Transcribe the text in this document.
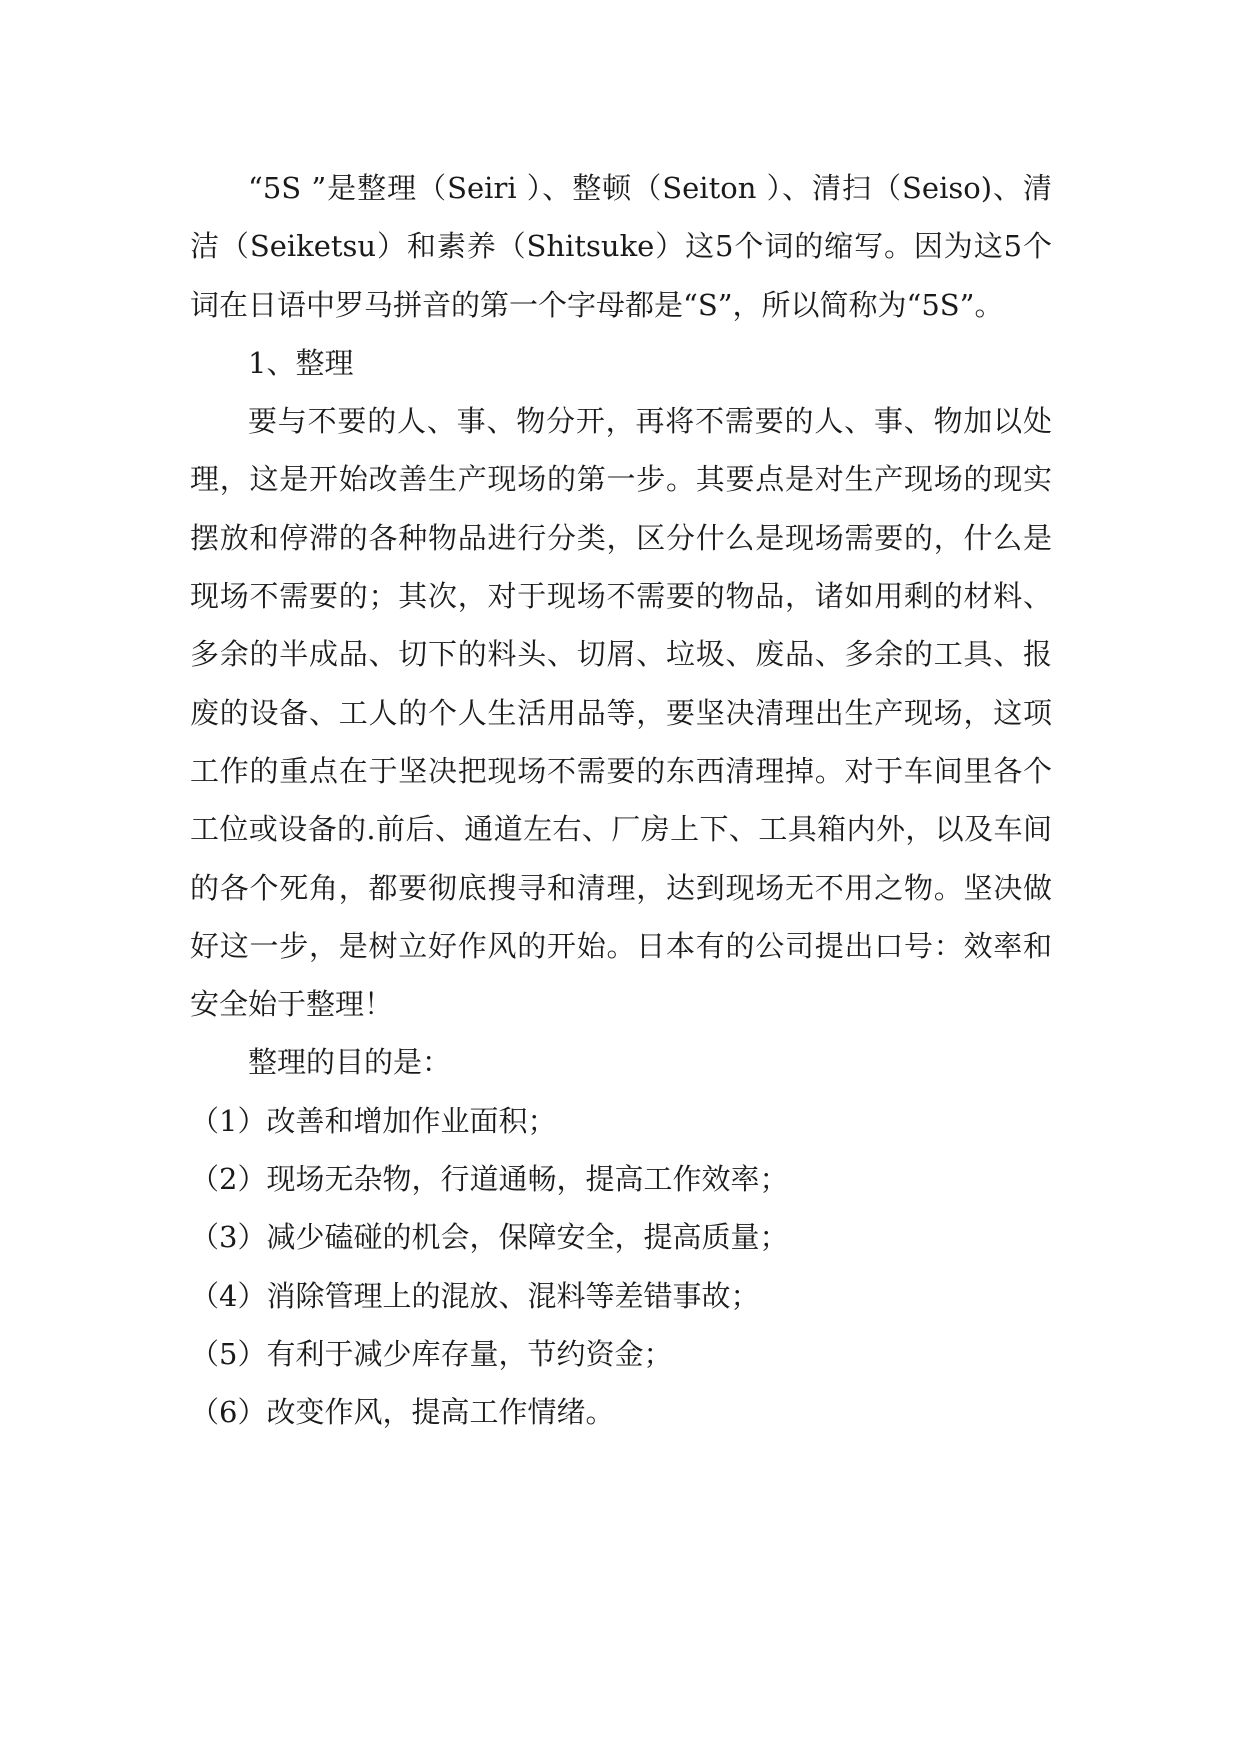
“5S ”是整理（Seiri ）、整顿（Seiton ）、清扫（Seiso)、清洁（Seiketsu）和素养（Shitsuke）这5个词的缩写。因为这5个词在日语中罗马拼音的第一个字母都是“S”，所以简称为“5S”。

1、整理

要与不要的人、事、物分开，再将不需要的人、事、物加以处理，这是开始改善生产现场的第一步。其要点是对生产现场的现实摆放和停滞的各种物品进行分类，区分什么是现场需要的，什么是现场不需要的；其次，对于现场不需要的物品，诸如用剩的材料、多余的半成品、切下的料头、切屑、垃圾、废品、多余的工具、报废的设备、工人的个人生活用品等，要坚决清理出生产现场，这项工作的重点在于坚决把现场不需要的东西清理掉。对于车间里各个工位或设备的.前后、通道左右、厂房上下、工具箱内外，以及车间的各个死角，都要彻底搜寻和清理，达到现场无不用之物。坚决做好这一步，是树立好作风的开始。日本有的公司提出口号：效率和安全始于整理！

整理的目的是：

（1）改善和增加作业面积；

（2）现场无杂物，行道通畅，提高工作效率；

（3）减少磕碰的机会，保障安全，提高质量；

（4）消除管理上的混放、混料等差错事故；

（5）有利于减少库存量，节约资金；

（6）改变作风，提高工作情绪。
